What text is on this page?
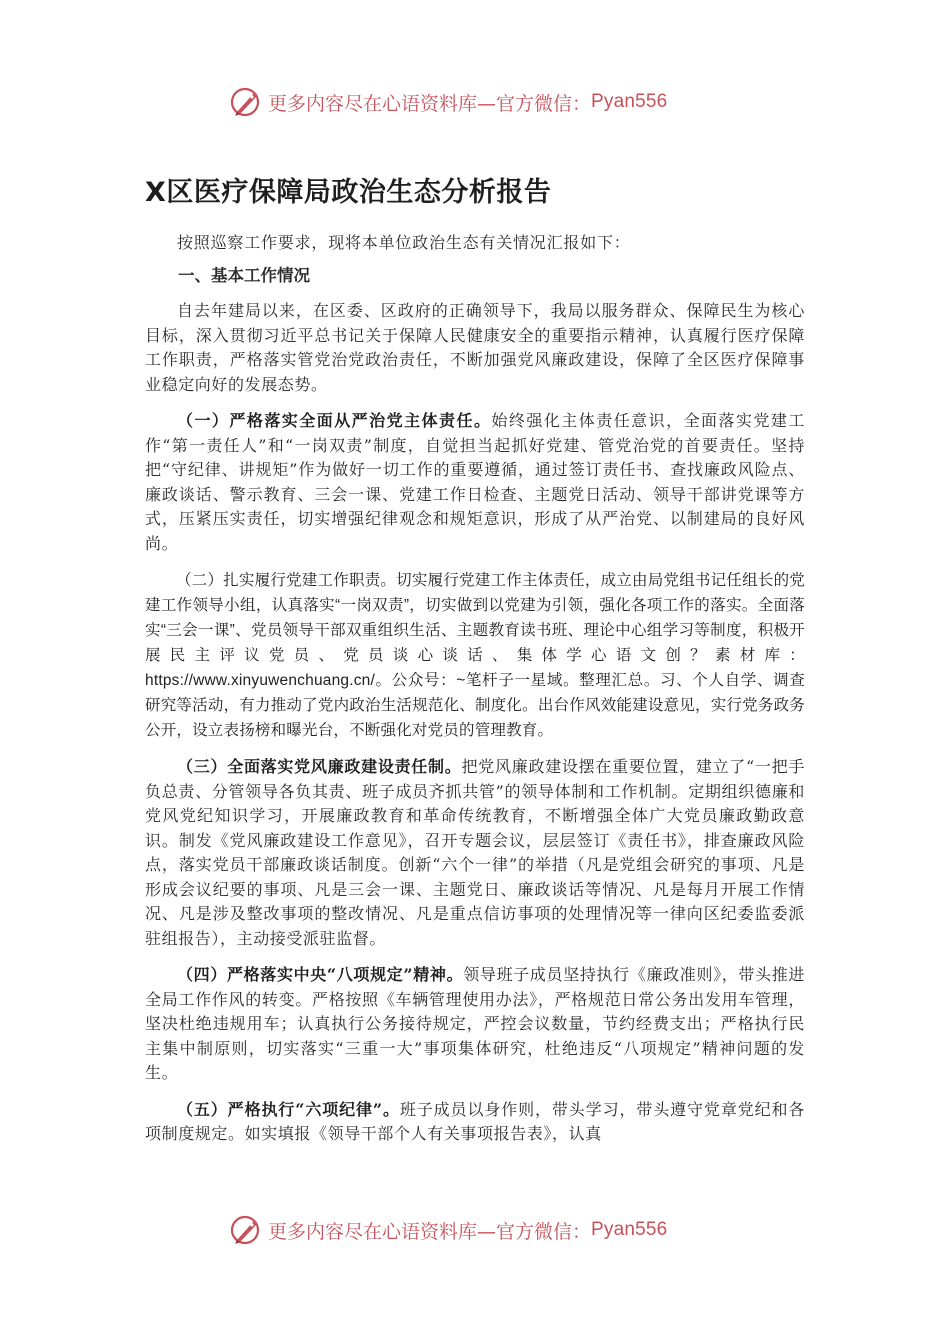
更多内容尽在心语资料库—官方微信： Pyan556
X区医疗保障局政治生态分析报告

按照巡察工作要求，现将本单位政治生态有关情况汇报如下：

一、基本工作情况

自去年建局以来，在区委、区政府的正确领导下，我局以服务群众、保障民生为核心目标，深入贯彻习近平总书记关于保障人民健康安全的重要指示精神，认真履行医疗保障工作职责，严格落实管党治党政治责任，不断加强党风廉政建设，保障了全区医疗保障事业稳定向好的发展态势。

（一）严格落实全面从严治党主体责任。始终强化主体责任意识，全面落实党建工作“第一责任人”和“一岗双责”制度，自觉担当起抓好党建、管党治党的首要责任。坚持把“守纪律、讲规矩”作为做好一切工作的重要遵循，通过签订责任书、查找廉政风险点、廉政谈话、警示教育、三会一课、党建工作日检查、主题党日活动、领导干部讲党课等方式，压紧压实责任，切实增强纪律观念和规矩意识，形成了从严治党、以制建局的良好风尚。

（二）扎实履行党建工作职责。切实履行党建工作主体责任，成立由局党组书记任组长的党建工作领导小组，认真落实“一岗双责”，切实做到以党建为引领，强化各项工作的落实。全面落实“三会一课”、党员领导干部双重组织生活、主题教育读书班、理论中心组学习等制度，积极开展民主评议党员、党员谈心谈话、集体学心语文创？素材库：https://www.xinyuwenchuang.cn/。公众号：~笔杆子一星域。整理汇总。习、个人自学、调查研究等活动，有力推动了党内政治生活规范化、制度化。出台作风效能建设意见，实行党务政务公开，设立表扬榜和曝光台，不断强化对党员的管理教育。

（三）全面落实党风廉政建设责任制。把党风廉政建设摆在重要位置，建立了“一把手负总责、分管领导各负其责、班子成员齐抓共管”的领导体制和工作机制。定期组织德廉和党风党纪知识学习，开展廉政教育和革命传统教育，不断增强全体广大党员廉政勤政意识。制发《党风廉政建设工作意见》，召开专题会议，层层签订《责任书》，排查廉政风险点，落实党员干部廉政谈话制度。创新“六个一律”的举措（凡是党组会研究的事项、凡是形成会议纪要的事项、凡是三会一课、主题党日、廉政谈话等情况、凡是每月开展工作情况、凡是涉及整改事项的整改情况、凡是重点信访事项的处理情况等一律向区纪委监委派驻组报告），主动接受派驻监督。

（四）严格落实中央“八项规定”精神。领导班子成员坚持执行《廉政准则》，带头推进全局工作作风的转变。严格按照《车辆管理使用办法》，严格规范日常公务出发用车管理，坚决杜绝违规用车；认真执行公务接待规定，严控会议数量，节约经费支出；严格执行民主集中制原则，切实落实“三重一大”事项集体研究，杜绝违反“八项规定”精神问题的发生。

（五）严格执行“六项纪律”。班子成员以身作则，带头学习，带头遵守党章党纪和各项制度规定。如实填报《领导干部个人有关事项报告表》，认真

更多内容尽在心语资料库—官方微信： Pyan556
